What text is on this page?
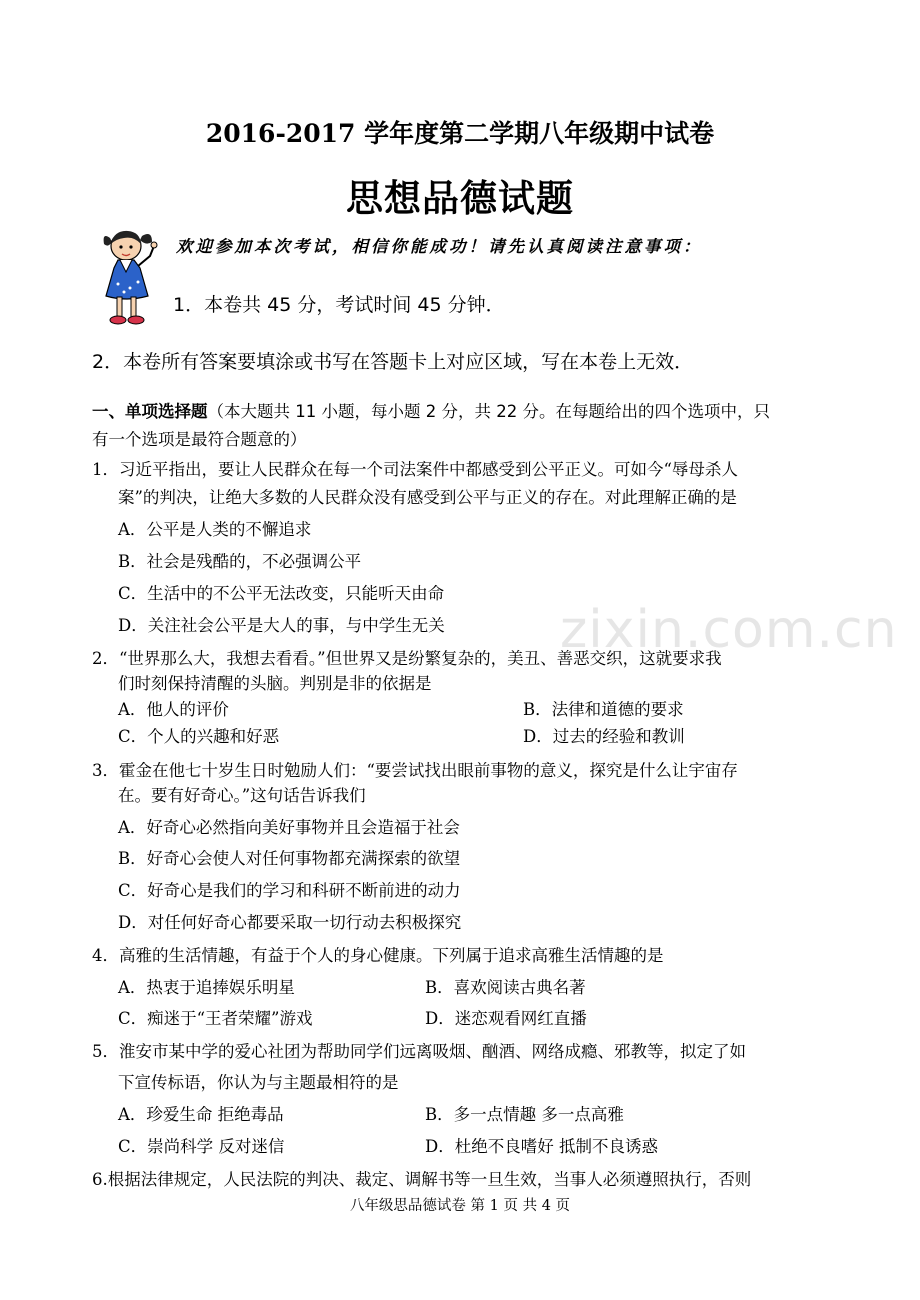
2016-2017 学年度第二学期八年级期中试卷
思想品德试题
欢迎参加本次考试，相信你能成功！请先认真阅读注意事项：
1．本卷共 45 分，考试时间 45 分钟．
2．本卷所有答案要填涂或书写在答题卡上对应区域，写在本卷上无效．
一、单项选择题（本大题共 11 小题，每小题 2 分，共 22 分。在每题给出的四个选项中，只
有一个选项是最符合题意的）
1．习近平指出，要让人民群众在每一个司法案件中都感受到公平正义。可如今“辱母杀人
案”的判决，让绝大多数的人民群众没有感受到公平与正义的存在。对此理解正确的是
A．公平是人类的不懈追求
B．社会是残酷的，不必强调公平
C．生活中的不公平无法改变，只能听天由命
D．关注社会公平是大人的事，与中学生无关 zixin.com.cn
2．“世界那么大，我想去看看。”但世界又是纷繁复杂的，美丑、善恶交织，这就要求我
们时刻保持清醒的头脑。判别是非的依据是
A．他人的评价	B．法律和道德的要求
C．个人的兴趣和好恶	D．过去的经验和教训
3．霍金在他七十岁生日时勉励人们：“要尝试找出眼前事物的意义，探究是什么让宇宙存
在。要有好奇心。”这句话告诉我们
A．好奇心必然指向美好事物并且会造福于社会
B．好奇心会使人对任何事物都充满探索的欲望
C．好奇心是我们的学习和科研不断前进的动力
D．对任何好奇心都要采取一切行动去积极探究
4．高雅的生活情趣，有益于个人的身心健康。下列属于追求高雅生活情趣的是
A．热衷于追捧娱乐明星	B．喜欢阅读古典名著
C．痴迷于“王者荣耀”游戏	D．迷恋观看网红直播
5．淮安市某中学的爱心社团为帮助同学们远离吸烟、酗酒、网络成瘾、邪教等，拟定了如
下宣传标语，你认为与主题最相符的是
A．珍爱生命 拒绝毒品	B．多一点情趣 多一点高雅
C．崇尚科学 反对迷信	D．杜绝不良嗜好 抵制不良诱惑
6.根据法律规定，人民法院的判决、裁定、调解书等一旦生效，当事人必须遵照执行，否则
八年级思品德试卷 第 1 页 共 4 页
